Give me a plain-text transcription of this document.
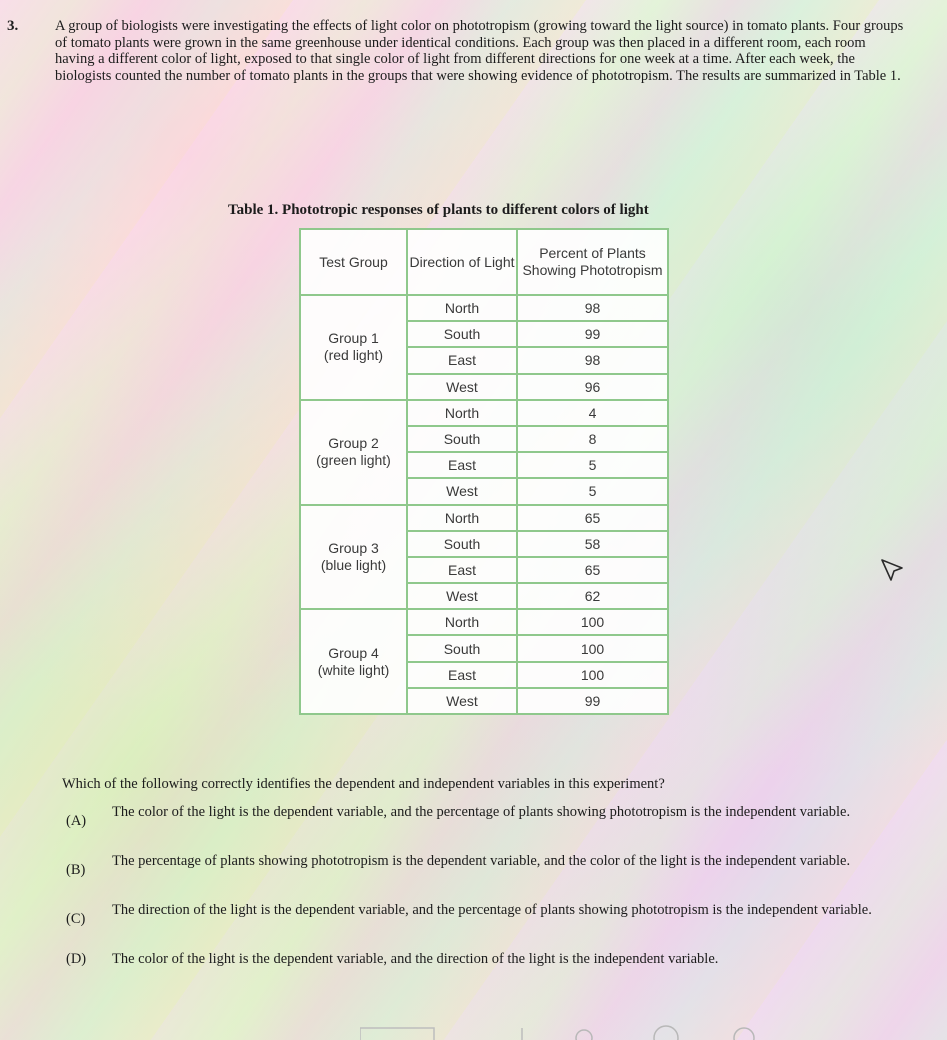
3.	A group of biologists were investigating the effects of light color on phototropism (growing toward the light source) in tomato plants. Four groups of tomato plants were grown in the same greenhouse under identical conditions. Each group was then placed in a different room, each room having a different color of light, exposed to that single color of light from different directions for one week at a time. After each week, the biologists counted the number of tomato plants in the groups that were showing evidence of phototropism. The results are summarized in Table 1.

Table 1. Phototropic responses of plants to different colors of light

Test Group	Direction of Light	Percent of Plants Showing Phototropism

Group 1
(red light)	North	98
	South	99
	East	98
	West	96

Group 2
(green light)	North	4
	South	8
	East	5
	West	5

Group 3
(blue light)	North	65
	South	58
	East	65
	West	62

Group 4
(white light)	North	100
	South	100
	East	100
	West	99

Which of the following correctly identifies the dependent and independent variables in this experiment?

(A)
The color of the light is the dependent variable, and the percentage of plants showing phototropism is the independent variable.
(B)
The percentage of plants showing phototropism is the dependent variable, and the color of the light is the independent variable.
(C)
The direction of the light is the dependent variable, and the percentage of plants showing phototropism is the independent variable.
(D) The color of the light is the dependent variable, and the direction of the light is the independent variable.
